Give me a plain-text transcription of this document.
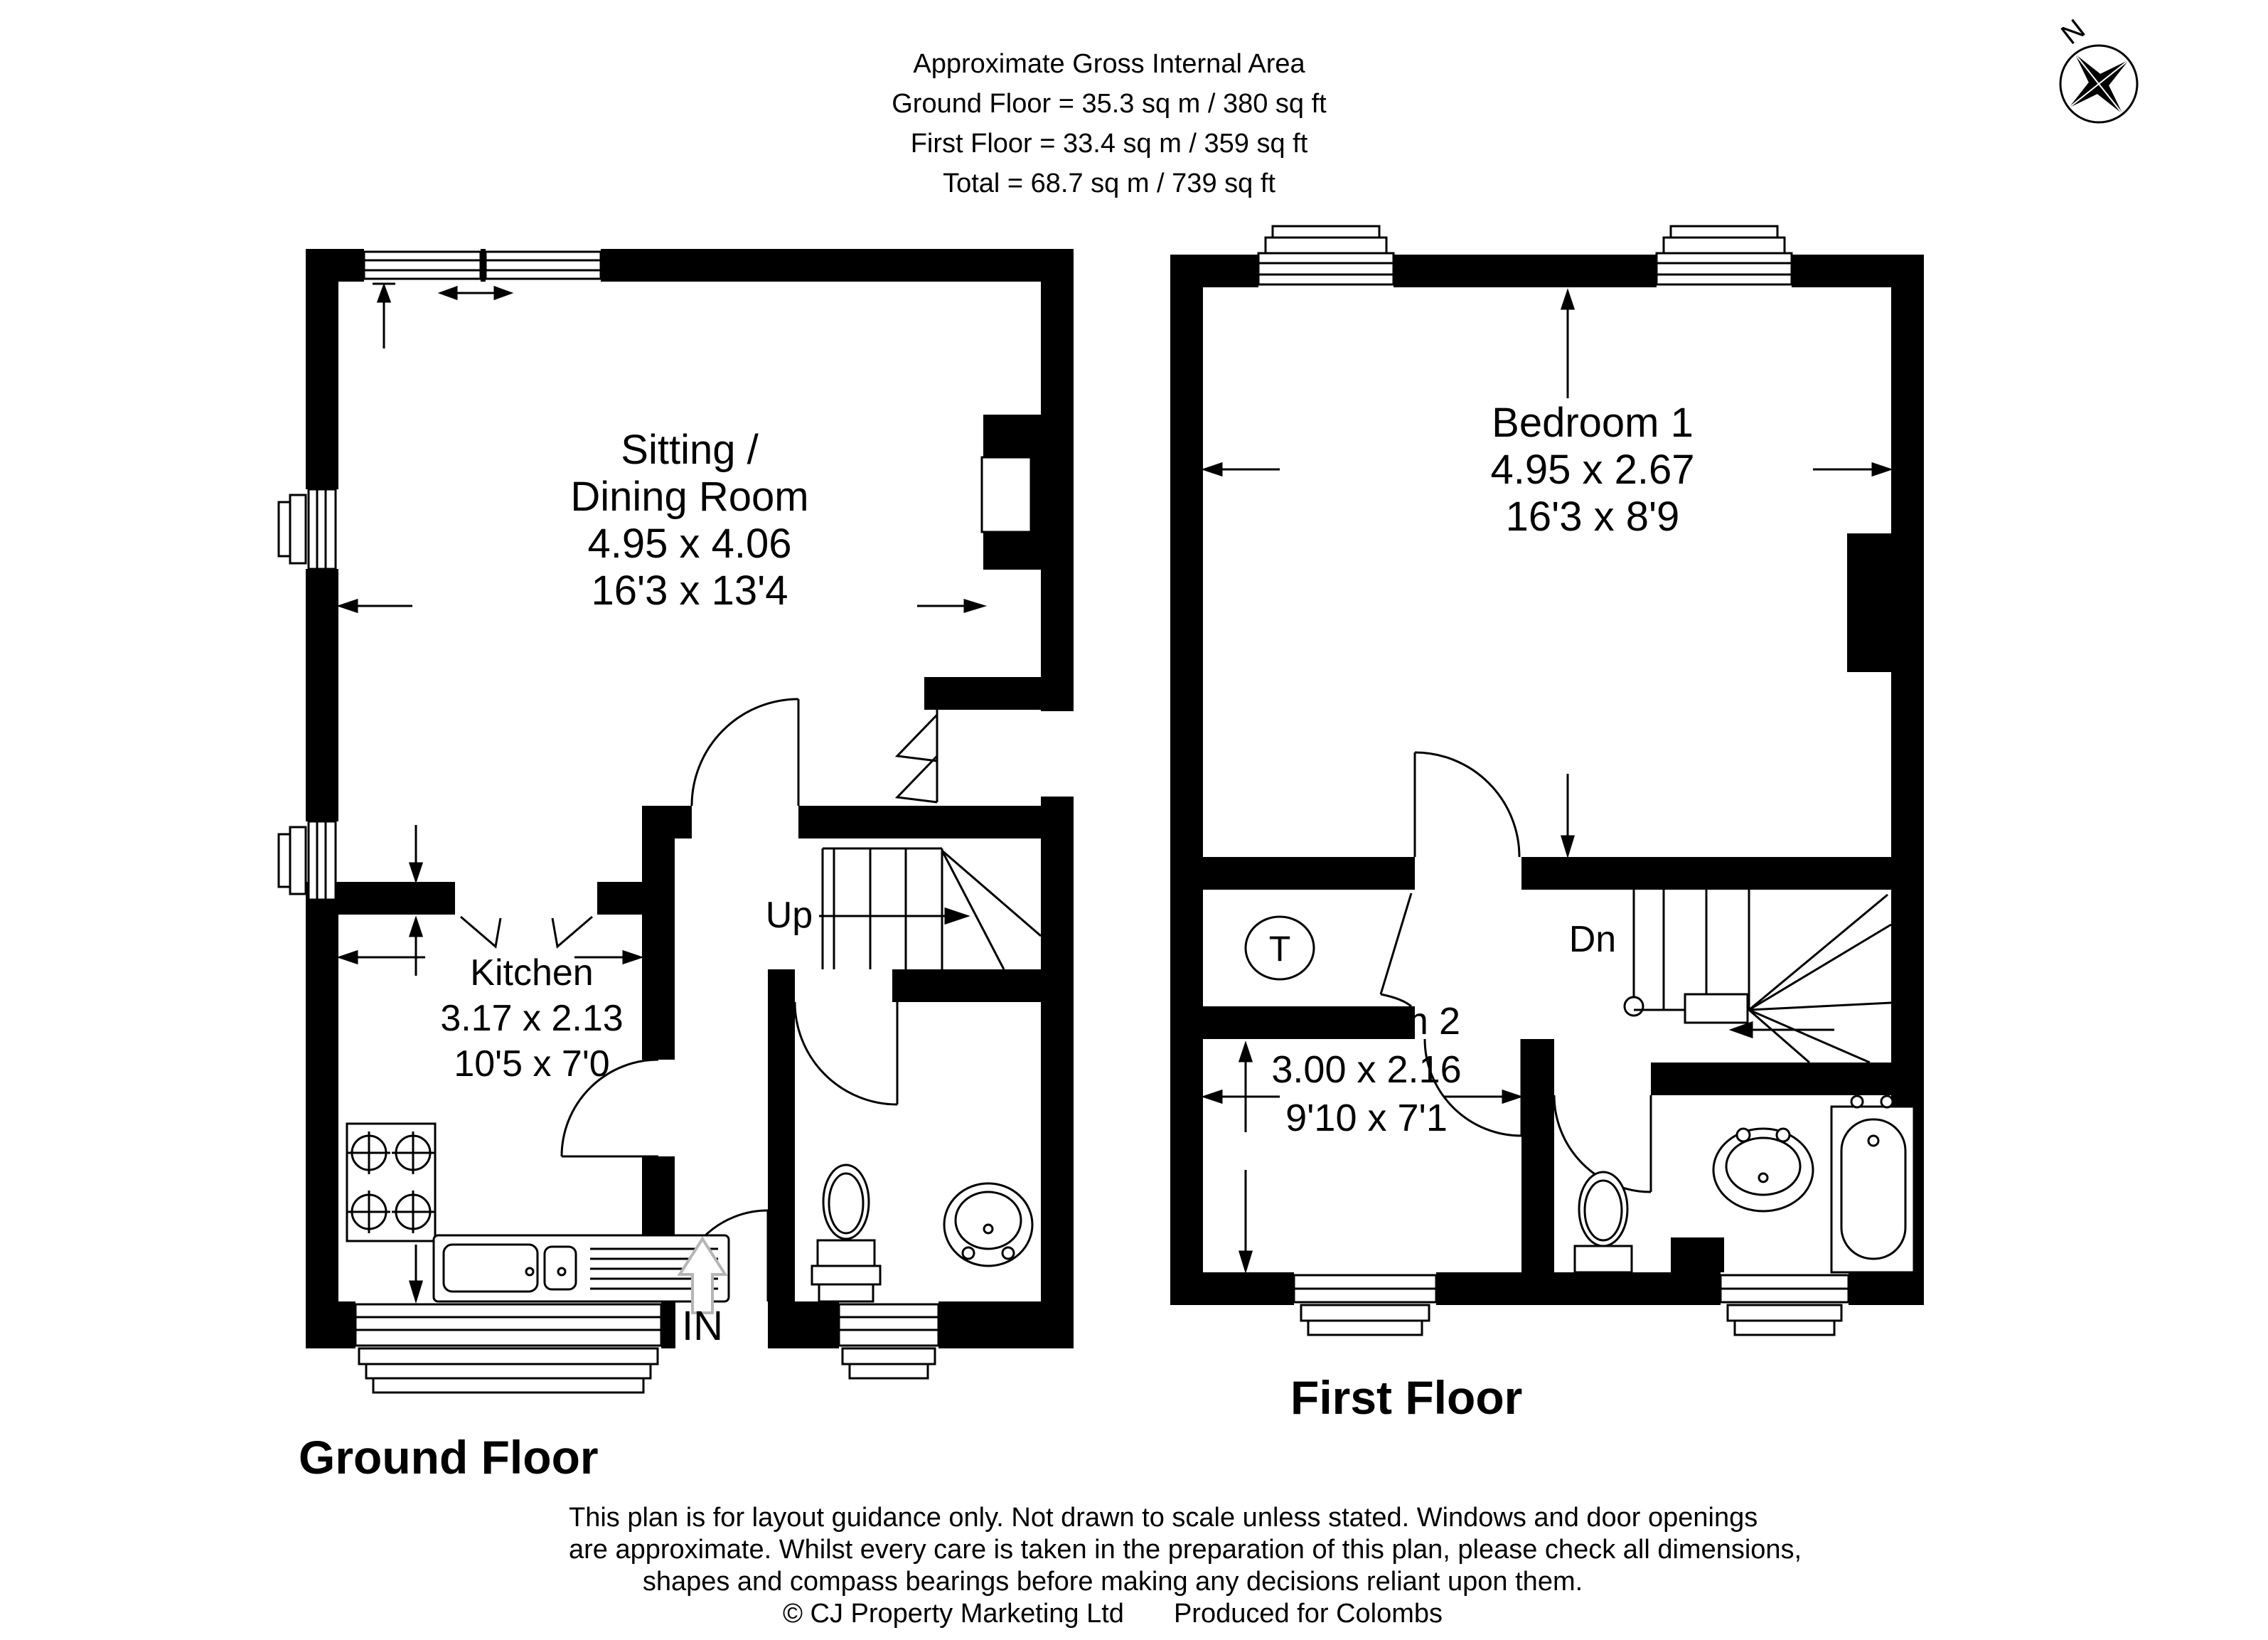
Approximate Gross Internal Area
Ground Floor = 35.3 sq m / 380 sq ft
First Floor = 33.4 sq m / 359 sq ft
Total = 68.7 sq m / 739 sq ft
N
Sitting /
Dining Room
4.95 x 4.06
16'3 x 13'4
Kitchen
3.17 x 2.13
10'5 x 7'0
Up
IN
Ground Floor
Bedroom 1
4.95 x 2.67
16'3 x 8'9
Bedroom 2
3.00 x 2.16
9'10 x 7'1
Dn
T
First Floor
This plan is for layout guidance only. Not drawn to scale unless stated. Windows and door openings
are approximate. Whilst every care is taken in the preparation of this plan, please check all dimensions,
shapes and compass bearings before making any decisions reliant upon them.
© CJ Property Marketing Ltd Produced for Colombs
